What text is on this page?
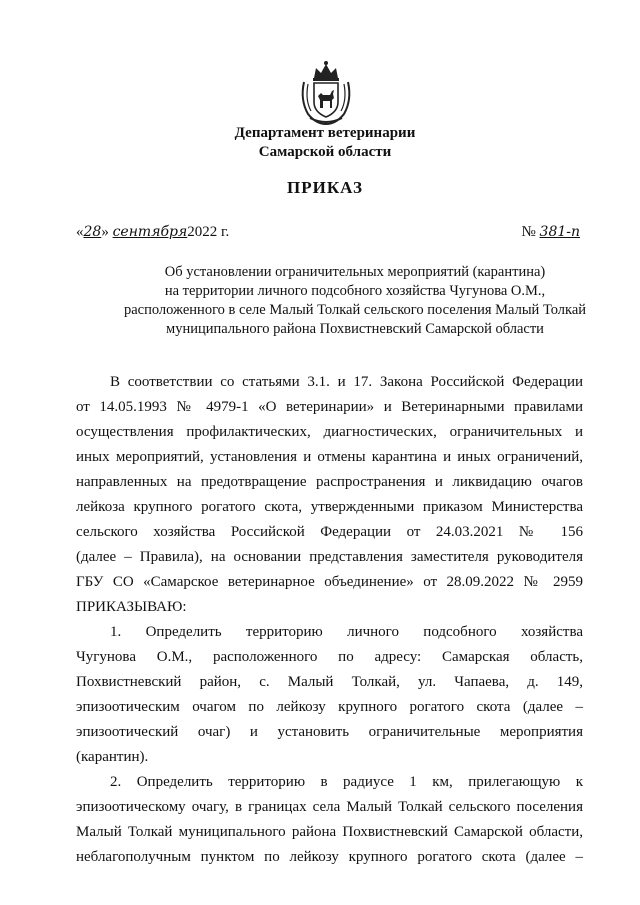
Департамент ветеринарии
Самарской области
ПРИКАЗ
«28» сентября2022 г.	№ 381-п
Об установлении ограничительных мероприятий (карантина)
на территории личного подсобного хозяйства Чугунова О.М.,
расположенного в селе Малый Толкай сельского поселения Малый Толкай
муниципального района Похвистневский Самарской области
В соответствии со статьями 3.1. и 17. Закона Российской Федерации
от 14.05.1993 № 4979-1 «О ветеринарии» и Ветеринарными правилами
осуществления профилактических, диагностических, ограничительных и
иных мероприятий, установления и отмены карантина и иных ограничений,
направленных на предотвращение распространения и ликвидацию очагов
лейкоза крупного рогатого скота, утвержденными приказом Министерства
сельского хозяйства Российской Федерации от 24.03.2021 № 156
(далее – Правила), на основании представления заместителя руководителя
ГБУ СО «Самарское ветеринарное объединение» от 28.09.2022 № 2959
ПРИКАЗЫВАЮ:
1. Определить территорию личного подсобного хозяйства
Чугунова О.М., расположенного по адресу: Самарская область,
Похвистневский район, с. Малый Толкай, ул. Чапаева, д. 149,
эпизоотическим очагом по лейкозу крупного рогатого скота (далее –
эпизоотический очаг) и установить ограничительные мероприятия
(карантин).
2. Определить территорию в радиусе 1 км, прилегающую к
эпизоотическому очагу, в границах села Малый Толкай сельского поселения
Малый Толкай муниципального района Похвистневский Самарской области,
неблагополучным пунктом по лейкозу крупного рогатого скота (далее –
